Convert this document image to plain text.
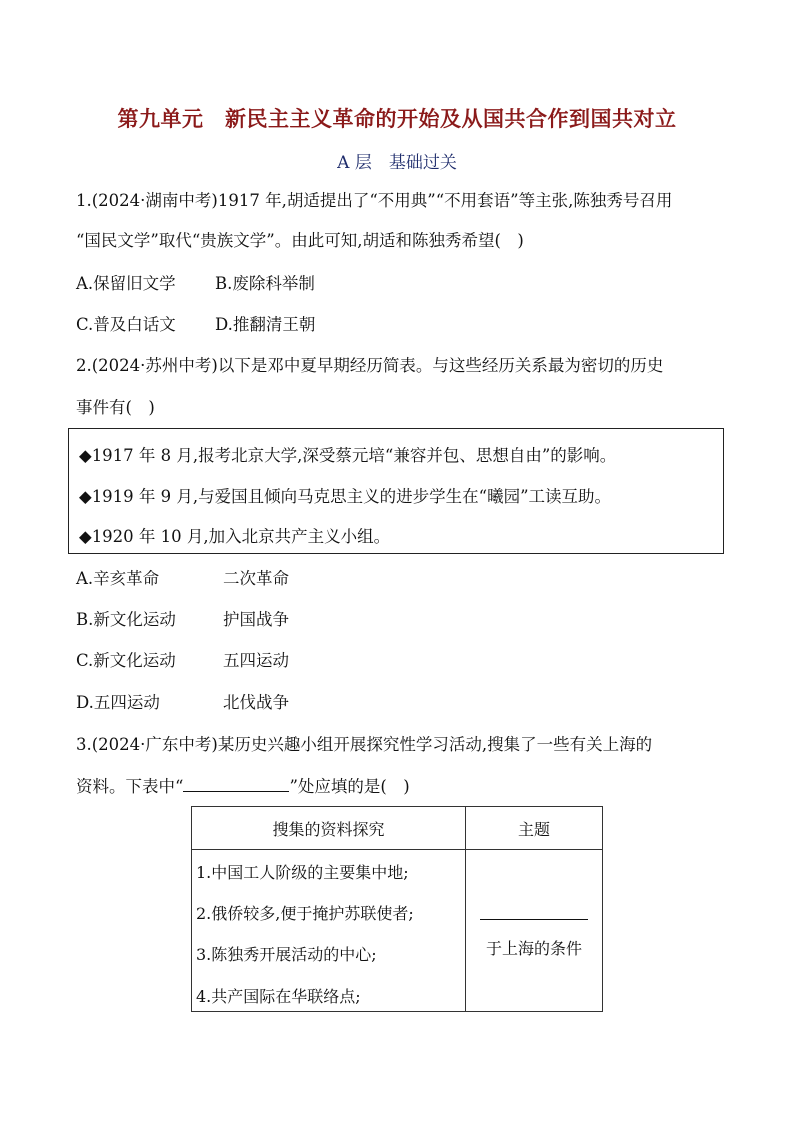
第九单元　新民主主义革命的开始及从国共合作到国共对立
A 层　基础过关
1.(2024·湖南中考)1917 年,胡适提出了“不用典”“不用套语”等主张,陈独秀号召用
“国民文学”取代“贵族文学”。由此可知,胡适和陈独秀希望(　)
A.保留旧文学 B.废除科举制
C.普及白话文 D.推翻清王朝
2.(2024·苏州中考)以下是邓中夏早期经历简表。与这些经历关系最为密切的历史
事件有(　)
◆1917 年 8 月,报考北京大学,深受蔡元培“兼容并包、思想自由”的影响。
◆1919 年 9 月,与爱国且倾向马克思主义的进步学生在“曦园”工读互助。
◆1920 年 10 月,加入北京共产主义小组。
A.辛亥革命	二次革命
B.新文化运动	护国战争
C.新文化运动	五四运动
D.五四运动	北伐战争
3.(2024·广东中考)某历史兴趣小组开展探究性学习活动,搜集了一些有关上海的
资料。下表中“	”处应填的是(　)
搜集的资料探究	主题

1.中国工人阶级的主要集中地;
2.俄侨较多,便于掩护苏联使者;
3.陈独秀开展活动的中心;
4.共产国际在华联络点;	于上海的条件
